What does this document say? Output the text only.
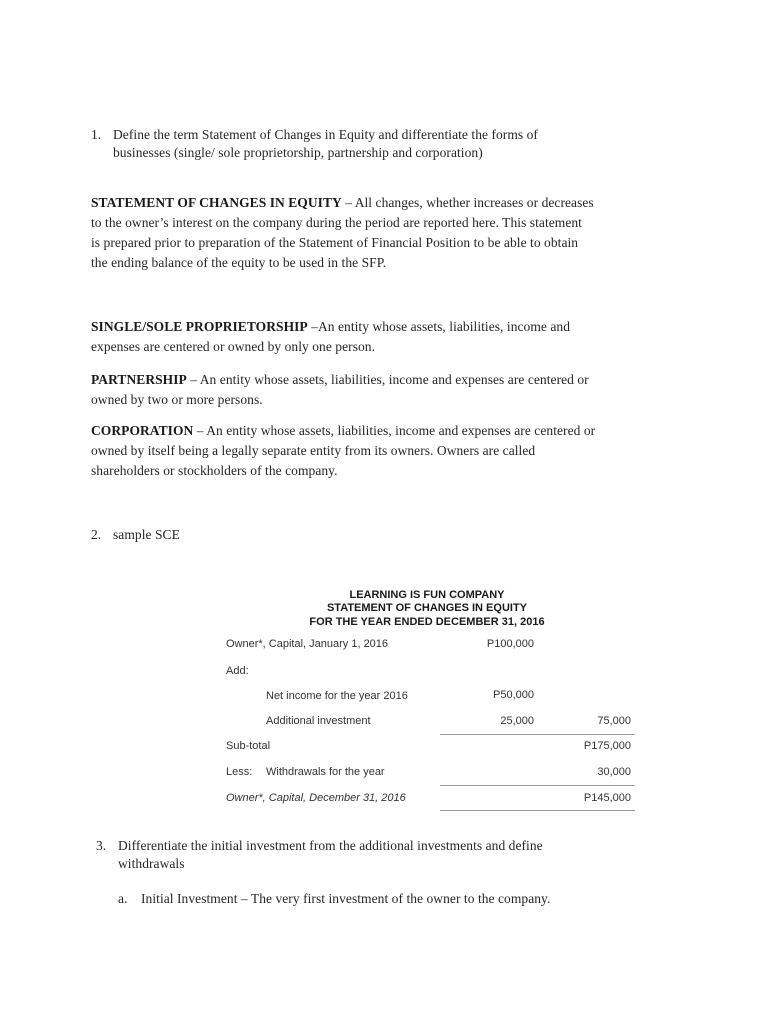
1. Define the term Statement of Changes in Equity and differentiate the forms of
businesses (single/ sole proprietorship, partnership and corporation)
STATEMENT OF CHANGES IN EQUITY – All changes, whether increases or decreases
to the owner’s interest on the company during the period are reported here. This statement
is prepared prior to preparation of the Statement of Financial Position to be able to obtain
the ending balance of the equity to be used in the SFP.
SINGLE/SOLE PROPRIETORSHIP –An entity whose assets, liabilities, income and
expenses are centered or owned by only one person.
PARTNERSHIP – An entity whose assets, liabilities, income and expenses are centered or
owned by two or more persons.
CORPORATION – An entity whose assets, liabilities, income and expenses are centered or
owned by itself being a legally separate entity from its owners. Owners are called
shareholders or stockholders of the company.
2. sample SCE
LEARNING IS FUN COMPANY
STATEMENT OF CHANGES IN EQUITY
FOR THE YEAR ENDED DECEMBER 31, 2016
Owner*, Capital, January 1, 2016	P100,000
Add:
Net income for the year 2016	P50,000
Additional investment	25,000	75,000
Sub-total	P175,000
Less: Withdrawals for the year	30,000
Owner*, Capital, December 31, 2016	P145,000
3. Differentiate the initial investment from the additional investments and define
withdrawals
a. Initial Investment – The very first investment of the owner to the company.
